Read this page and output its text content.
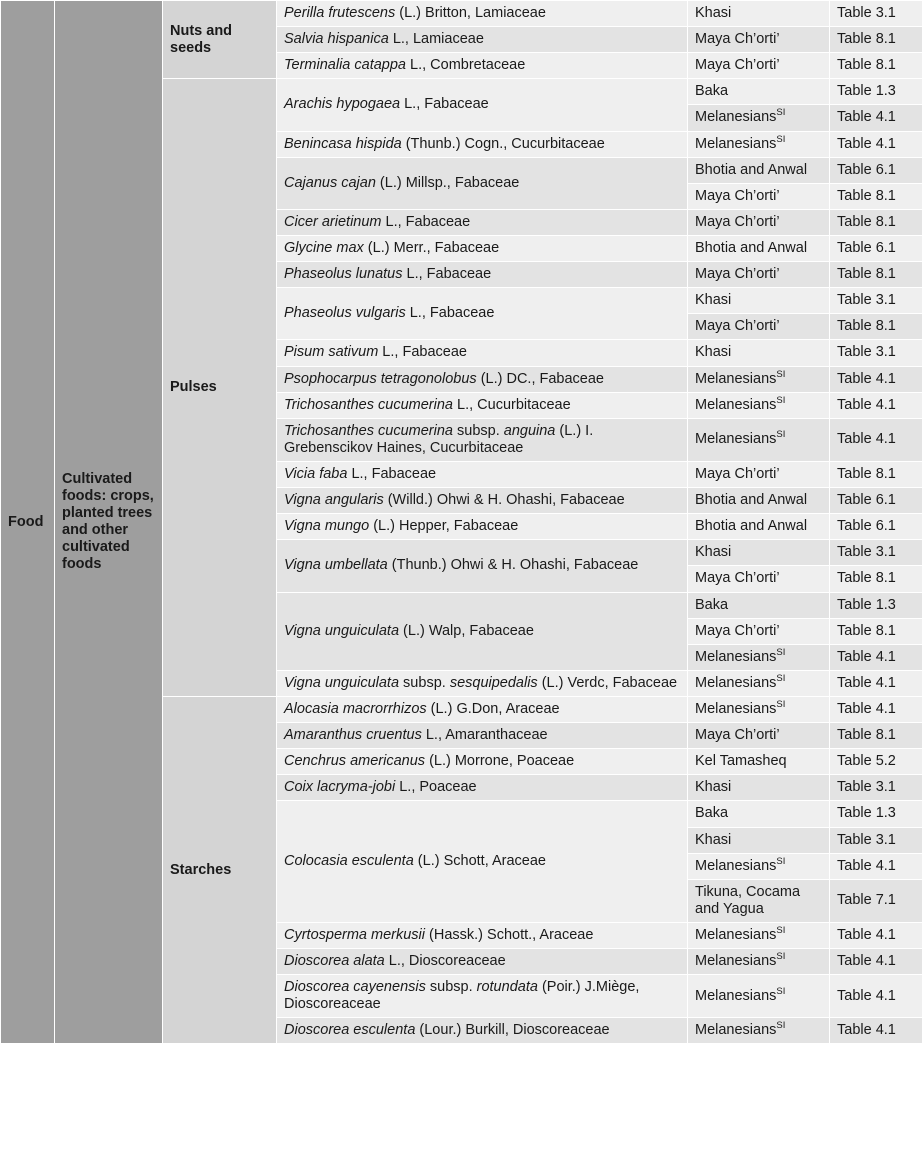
Food	Cultivated foods: crops, planted trees and other cultivated foods	Nuts and seeds	Perilla frutescens (L.) Britton, Lamiaceae	Khasi	Table 3.1
			Salvia hispanica L., Lamiaceae	Maya Ch’orti’	Table 8.1
			Terminalia catappa L., Combretaceae	Maya Ch’orti’	Table 8.1
		Pulses	Arachis hypogaea L., Fabaceae	Baka	Table 1.3
				Melanesians$^{SI}$	Table 4.1
			Benincasa hispida (Thunb.) Cogn., Cucurbitaceae	Melanesians$^{SI}$	Table 4.1
			Cajanus cajan (L.) Millsp., Fabaceae	Bhotia and Anwal	Table 6.1
				Maya Ch’orti’	Table 8.1
			Cicer arietinum L., Fabaceae	Maya Ch’orti’	Table 8.1
			Glycine max (L.) Merr., Fabaceae	Bhotia and Anwal	Table 6.1
			Phaseolus lunatus L., Fabaceae	Maya Ch’orti’	Table 8.1
			Phaseolus vulgaris L., Fabaceae	Khasi	Table 3.1
				Maya Ch’orti’	Table 8.1
			Pisum sativum L., Fabaceae	Khasi	Table 3.1
			Psophocarpus tetragonolobus (L.) DC., Fabaceae	Melanesians$^{SI}$	Table 4.1
			Trichosanthes cucumerina L., Cucurbitaceae	Melanesians$^{SI}$	Table 4.1
			Trichosanthes cucumerina subsp. anguina (L.) I. Grebenscikov Haines, Cucurbitaceae	Melanesians$^{SI}$	Table 4.1
			Vicia faba L., Fabaceae	Maya Ch’orti’	Table 8.1
			Vigna angularis (Willd.) Ohwi & H. Ohashi, Fabaceae	Bhotia and Anwal	Table 6.1
			Vigna mungo (L.) Hepper, Fabaceae	Bhotia and Anwal	Table 6.1
			Vigna umbellata (Thunb.) Ohwi & H. Ohashi, Fabaceae	Khasi	Table 3.1
				Maya Ch’orti’	Table 8.1
			Vigna unguiculata (L.) Walp, Fabaceae	Baka	Table 1.3
				Maya Ch’orti’	Table 8.1
				Melanesians$^{SI}$	Table 4.1
			Vigna unguiculata subsp. sesquipedalis (L.) Verdc, Fabaceae	Melanesians$^{SI}$	Table 4.1
		Starches	Alocasia macrorrhizos (L.) G.Don, Araceae	Melanesians$^{SI}$	Table 4.1
			Amaranthus cruentus L., Amaranthaceae	Maya Ch’orti’	Table 8.1
			Cenchrus americanus (L.) Morrone, Poaceae	Kel Tamasheq	Table 5.2
			Coix lacryma-jobi L., Poaceae	Khasi	Table 3.1
			Colocasia esculenta (L.) Schott, Araceae	Baka	Table 1.3
				Khasi	Table 3.1
				Melanesians$^{SI}$	Table 4.1
				Tikuna, Cocama and Yagua	Table 7.1
			Cyrtosperma merkusii (Hassk.) Schott., Araceae	Melanesians$^{SI}$	Table 4.1
			Dioscorea alata L., Dioscoreaceae	Melanesians$^{SI}$	Table 4.1
			Dioscorea cayenensis subsp. rotundata (Poir.) J.Miège, Dioscoreaceae	Melanesians$^{SI}$	Table 4.1
			Dioscorea esculenta (Lour.) Burkill, Dioscoreaceae	Melanesians$^{SI}$	Table 4.1
